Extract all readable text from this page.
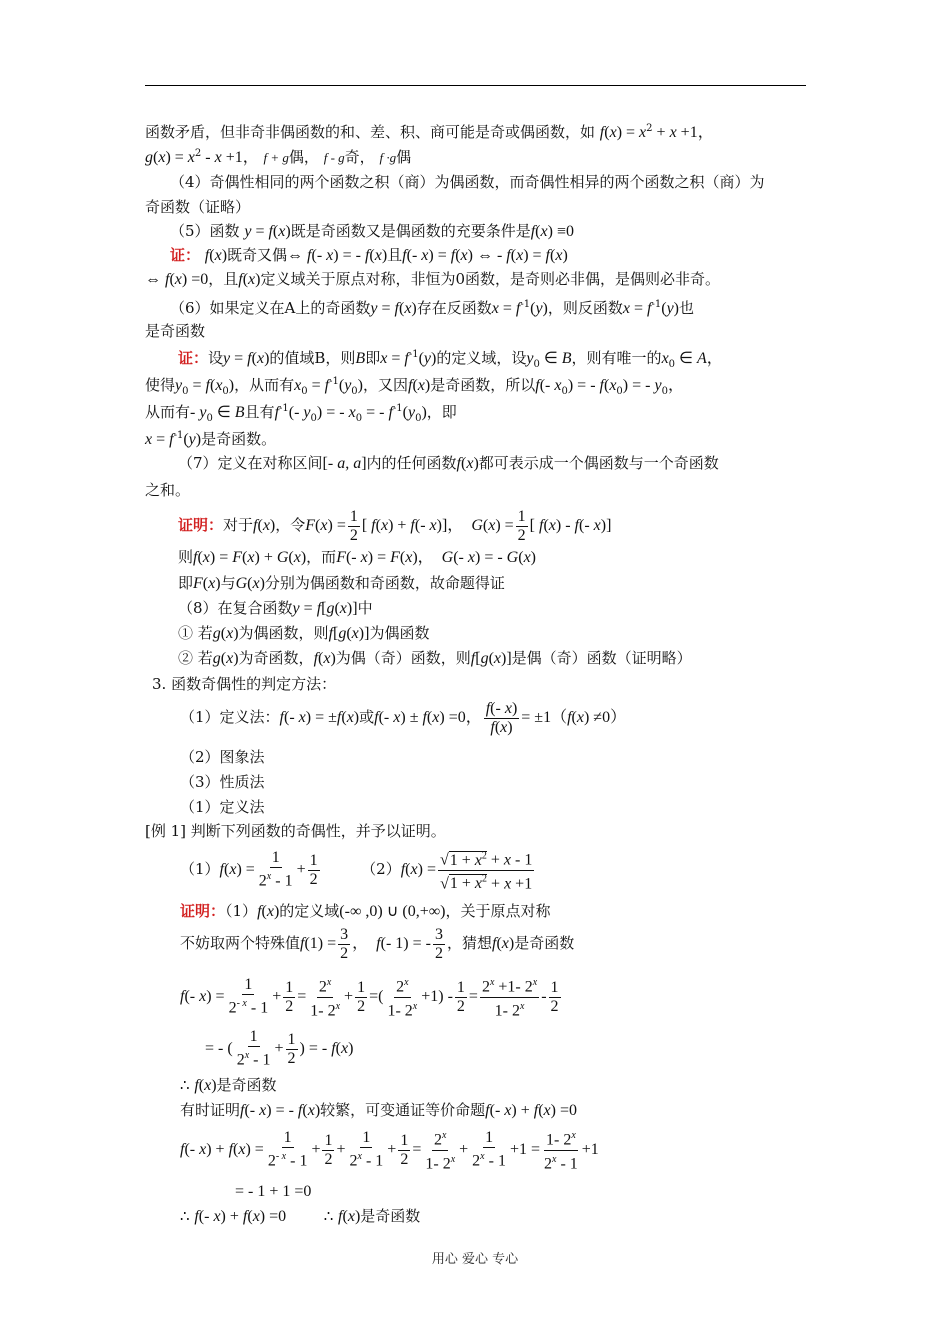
函数矛盾，但非奇非偶函数的和、差、积、商可能是奇或偶函数，如 $f(x) = x^2 + x +1$，
$g(x) = x^2 - x +1$， f + g偶， f - g奇， f ·g偶
（4）奇偶性相同的两个函数之积（商）为偶函数，而奇偶性相异的两个函数之积（商）为
奇函数（证略）
（5）函数 y = f(x)既是奇函数又是偶函数的充要条件是f(x) ≡0
证： f(x)既奇又偶⇔ f(- x) = - f(x)且f(- x) = f(x) ⇔ - f(x) = f(x)
⇔ f(x) =0，且f(x)定义域关于原点对称，非恒为0函数，是奇则必非偶，是偶则必非奇。
（6）如果定义在A上的奇函数y = f(x)存在反函数$x = f^{-1}(y)$，则反函数$x = f^{-1}(y)$也
是奇函数
证：设y = f(x)的值域B，则B即$x = f^{-1}(y)$的定义域，设$y_0$ ∈ B，则有唯一的$x_0$ ∈ A，
使得$y_0 = f(x_0)$，从而有$x_0 = f^{-1}(y_0)$，又因f(x)是奇函数，所以f(- $x_0$) = - $f(x_0)$ = - $y_0$，
从而有- $y_0$ ∈ B且有$f^{-1}(-$ $y_0$) = - $x_0$ = - $f^{-1}(y_0)$，即
$x = f^{-1}(y)$是奇函数。
（7）定义在对称区间[- a, a]内的任何函数f(x)都可表示成一个偶函数与一个奇函数
之和。
证明：对于f(x)，令$F(x) = \frac{1}{2}$ [ f(x) + f(- x)]，  $G(x) = \frac{1}{2}$ [ f(x) - f(- x)]
则f(x) = F(x) + G(x)，而F(- x) = F(x)，  G(- x) = - G(x)
即F(x)与G(x)分别为偶函数和奇函数，故命题得证
（8）在复合函数y = f[g(x)]中
① 若g(x)为偶函数，则f[g(x)]为偶函数
② 若g(x)为奇函数，f(x)为偶（奇）函数，则f[g(x)]是偶（奇）函数（证明略）
3. 函数奇偶性的判定方法：
（1）定义法：f(- x) = ±f(x)或f(- x) ± f(x) =0， $\frac{f(- x)}{f(x)} = \pm 1(f(x) \ne 0)$
（2）图象法
（3）性质法
（1）定义法
[例 1] 判断下列函数的奇偶性，并予以证明。
$(1)f(x) = \frac{1}{2^x - 1} + \frac{1}{2}$	$(2)f(x) = \frac{√1 + x^2 + x - 1}{√1 + x^2 + x +1}$
证明：（1）f(x)的定义域(-∞ ,0) ∪ (0,+∞)，关于原点对称
不妨取两个特殊值$f(1) = \frac{3}{2}$ ，  f(- 1) = - $\frac{3}{2}$ ，猜想f(x)是奇函数
f(- $x) = \frac{1}{2^{- x} - 1} + \frac{1}{2} = \frac{2^x}{1- 2^x} + \frac{1}{2}$ =( $\frac{2^x}{1- 2^x} +1) - \frac{1}{2} = \frac{2^x +1- 2^x}{1- 2^x} - \frac{1}{2}$
= - ( $\frac{1}{2^x - 1} + \frac{1}{2}$ ) = - f(x)
∴ f(x)是奇函数
有时证明f(- x) = - f(x)较繁，可变通证等价命题f(- x) + f(x) =0
f(- $x) + f(x) = \frac{1}{2^{- x} - 1} + \frac{1}{2} + \frac{1}{2^x - 1} + \frac{1}{2} = \frac{2^x}{1- 2^x} + \frac{1}{2^x - 1} +1 = \frac{1- 2^x}{2^x - 1} +1$
= - 1 + 1 =0
∴ f(- x) + f(x) =0	∴ f(x)是奇函数
用心 爱心 专心
